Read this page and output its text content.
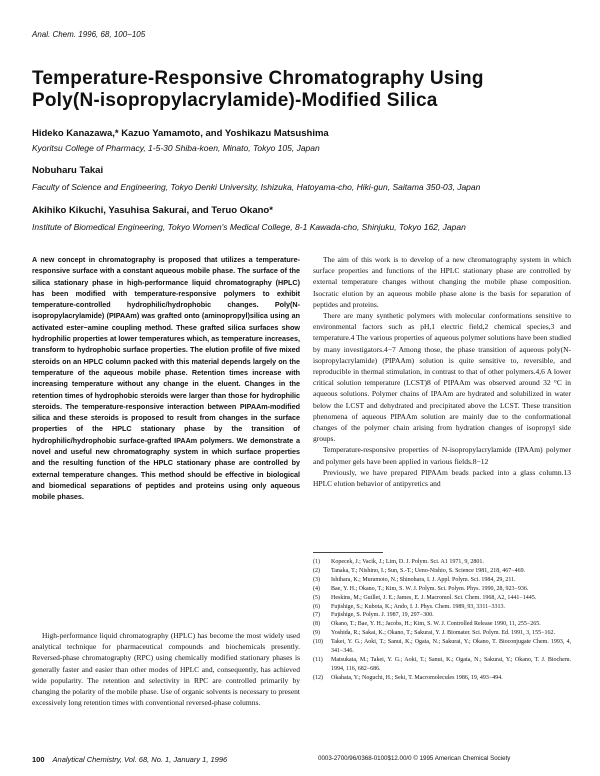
Anal. Chem. 1996, 68, 100−105
Temperature-Responsive Chromatography Using
Poly(N-isopropylacrylamide)-Modified Silica
Hideko Kanazawa,* Kazuo Yamamoto, and Yoshikazu Matsushima
Kyoritsu College of Pharmacy, 1-5-30 Shiba-koen, Minato, Tokyo 105, Japan
Nobuharu Takai
Faculty of Science and Engineering, Tokyo Denki University, Ishizuka, Hatoyama-cho, Hiki-gun, Saitama 350-03, Japan
Akihiko Kikuchi, Yasuhisa Sakurai, and Teruo Okano*
Institute of Biomedical Engineering, Tokyo Women's Medical College, 8-1 Kawada-cho, Shinjuku, Tokyo 162, Japan
A new concept in chromatography is proposed that utilizes a temperature-responsive surface with a constant aqueous mobile phase. The surface of the silica stationary phase in high-performance liquid chromatography (HPLC) has been modified with temperature-responsive polymers to exhibit temperature-controlled hydrophilic/hydrophobic changes. Poly(N-isopropylacrylamide) (PIPAAm) was grafted onto (aminopropyl)silica using an activated ester−amine coupling method. These grafted silica surfaces show hydrophilic properties at lower temperatures which, as temperature increases, transform to hydrophobic surface properties. The elution profile of five mixed steroids on an HPLC column packed with this material depends largely on the temperature of the aqueous mobile phase. Retention times increase with increasing temperature without any change in the eluent. Changes in the retention times of hydrophobic steroids were larger than those for hydrophilic steroids. The temperature-responsive interaction between PIPAAm-modified silica and these steroids is proposed to result from changes in the surface properties of the HPLC stationary phase by the transition of hydrophilic/hydrophobic surface-grafted IPAAm polymers. We demonstrate a novel and useful new chromatography system in which surface properties and the resulting function of the HPLC stationary phase are controlled by external temperature changes. This method should be effective in biological and biomedical separations of peptides and proteins using only aqueous mobile phases.

High-performance liquid chromatography (HPLC) has become the most widely used analytical technique for pharmaceutical compounds and biochemicals presently. Reversed-phase chromatography (RPC) using chemically modified stationary phases is generally faster and easier than other modes of HPLC and, consequently, has achieved wide popularity. The retention and selectivity in RPC are controlled primarily by changing the polarity of the mobile phase. Use of organic solvents is necessary to present excessively long retention times with conventional reversed-phase columns.

The aim of this work is to develop of a new chromatography system in which surface properties and functions of the HPLC stationary phase are controlled by external temperature changes without changing the mobile phase composition. Isocratic elution by an aqueous mobile phase alone is the basis for separation of peptides and proteins.

There are many synthetic polymers with molecular conformations sensitive to environmental factors such as pH,1 electric field,2 chemical species,3 and temperature.4 The various properties of aqueous polymer solutions have been studied by many investigators.4−7 Among those, the phase transition of aqueous poly(N-isopropylacrylamide) (PIPAAm) solution is quite sensitive to, reversible, and reproducible in thermal stimulation, in contrast to that of other polymers.4,6 A lower critical solution temperature (LCST)8 of PIPAAm was observed around 32 °C in aqueous solutions. Polymer chains of IPAAm are hydrated and solubilized in water below the LCST and dehydrated and precipitated above the LCST. These transition phenomena of aqueous PIPAAm solution are mainly due to the conformational changes of the polymer chain arising from hydration changes of isopropyl side groups.

Temperature-responsive properties of N-isopropylacrylamide (IPAAm) polymer and polymer gels have been applied in various fields.8−12

Previously, we have prepared PIPAAm beads packed into a glass column.13 HPLC elution behavior of antipyretics and

(1)	Kopecek, J.; Vacik, J.; Lim, D. J. Polym. Sci. A1 1971, 9, 2801.
(2)	Tanaka, T.; Nishino, I.; Sun, S.-T.; Ueno-Nishio, S. Science 1981, 218, 467−469.
(3)	Ishihara, K.; Muramoto, N.; Shinohara, I. J. Appl. Polym. Sci. 1984, 29, 211.
(4)	Bae, Y. H.; Okano, T.; Kim, S. W. J. Polym. Sci. Polym. Phys. 1990, 28, 923−936.
(5)	Heskins, M.; Guillet, J. E.; James, E. J. Macromol. Sci. Chem. 1968, A2, 1441−1445.
(6)	Fujishige, S.; Kubota, K.; Ando, I. J. Phys. Chem. 1989, 93, 3311−3313.
(7)	Fujishige, S. Polym. J. 1987, 19, 297−300.
(8)	Okano, T.; Bae, Y. H.; Jacobs, H.; Kim, S. W. J. Controlled Release 1990, 11, 255−265.
(9)	Yoshida, R.; Sakai, K.; Okano, T.; Sakurai, Y. J. Biomater. Sci. Polym. Ed. 1991, 3, 155−162.
(10)	Takei, Y. G.; Aoki, T.; Sanui, K.; Ogata, N.; Sakurai, Y.; Okano, T. Bioconjugate Chem. 1993, 4, 341−346.
(11)	Matsukata, M.; Takei, Y. G.; Aoki, T.; Sanui, K.; Ogata, N.; Sakurai, Y.; Okano, T. J. Biochem. 1994, 116, 682−686.
(12)	Okahata, Y.; Noguchi, H.; Seki, T. Macromolecules 1986, 19, 493−494.
100 Analytical Chemistry, Vol. 68, No. 1, January 1, 1996	0003-2700/96/0368-0100$12.00/0 © 1995 American Chemical Society
